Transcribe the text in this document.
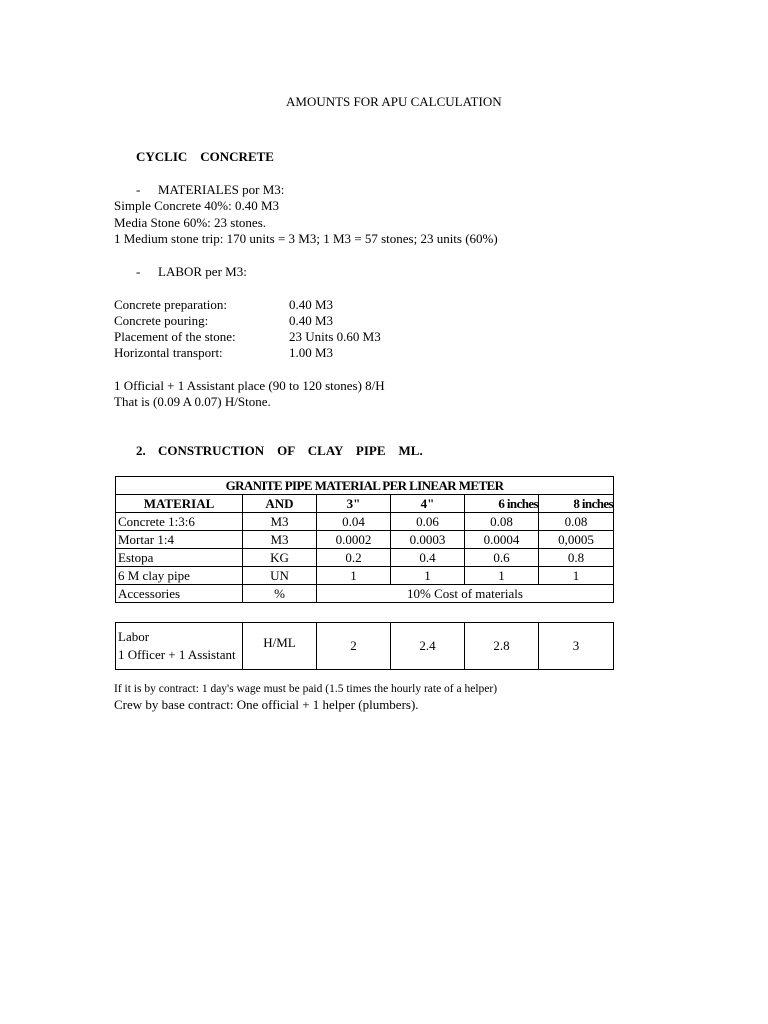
AMOUNTS FOR APU CALCULATION
CYCLIC    CONCRETE
- MATERIALES por M3:
Simple Concrete 40%: 0.40 M3
Media Stone 60%: 23 stones.
1 Medium stone trip: 170 units = 3 M3; 1 M3 = 57 stones; 23 units (60%)
- LABOR per M3:
Concrete preparation:	0.40 M3
Concrete pouring:	0.40 M3
Placement of the stone:	23 Units 0.60 M3
Horizontal transport:	1.00 M3
1 Official + 1 Assistant place (90 to 120 stones) 8/H
That is (0.09 A 0.07) H/Stone.
2. CONSTRUCTION    OF    CLAY    PIPE    ML.
GRANITE PIPE MATERIAL PER LINEAR METER					
MATERIAL	AND	3"	4"	6 inches	8 inches
Concrete 1:3:6	M3	0.04	0.06	0.08	0.08
Mortar 1:4	M3	0.0002	0.0003	0.0004	0,0005
Estopa	KG	0.2	0.4	0.6	0.8
6 M clay pipe	UN	1	1	1	1
Accessories	%	10% Cost of materials			
Labor
1 Officer + 1 Assistant
	H/ML	2	2.4	2.8	3
If it is by contract: 1 day's wage must be paid (1.5 times the hourly rate of a helper)
Crew by base contract: One official + 1 helper (plumbers).
